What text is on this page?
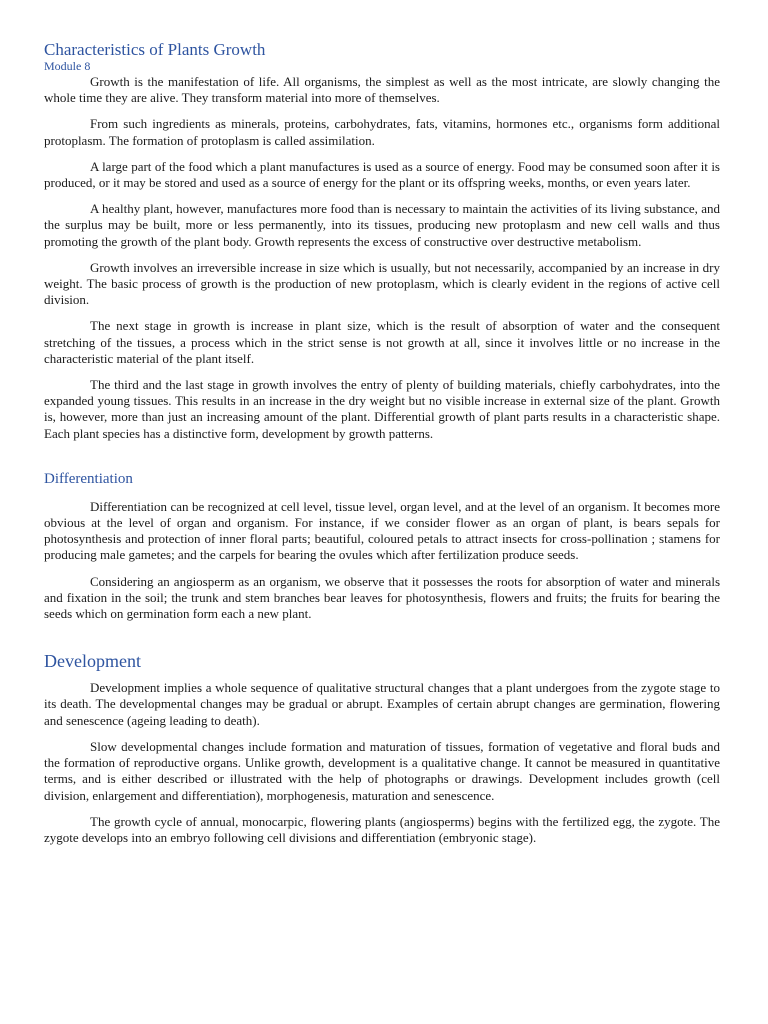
Characteristics of Plants Growth
Module 8

Growth is the manifestation of life. All organisms, the simplest as well as the most intricate, are slowly changing the whole time they are alive. They transform material into more of themselves.

From such ingredients as minerals, proteins, carbohydrates, fats, vitamins, hormones etc., organisms form additional protoplasm. The formation of protoplasm is called assimilation.

A large part of the food which a plant manufactures is used as a source of energy. Food may be consumed soon after it is produced, or it may be stored and used as a source of energy for the plant or its offspring weeks, months, or even years later.

A healthy plant, however, manufactures more food than is necessary to maintain the activities of its living substance, and the surplus may be built, more or less permanently, into its tissues, producing new protoplasm and new cell walls and thus promoting the growth of the plant body. Growth represents the excess of constructive over destructive metabolism.

Growth involves an irreversible increase in size which is usually, but not necessarily, accompanied by an increase in dry weight. The basic process of growth is the production of new protoplasm, which is clearly evident in the regions of active cell division.

The next stage in growth is increase in plant size, which is the result of absorption of water and the consequent stretching of the tissues, a process which in the strict sense is not growth at all, since it involves little or no increase in the characteristic material of the plant itself.

The third and the last stage in growth involves the entry of plenty of building materials, chiefly carbohydrates, into the expanded young tissues. This results in an increase in the dry weight but no visible increase in external size of the plant. Growth is, however, more than just an increasing amount of the plant. Differential growth of plant parts results in a characteristic shape. Each plant species has a distinctive form, development by growth patterns.

Differentiation

Differentiation can be recognized at cell level, tissue level, organ level, and at the level of an organism. It becomes more obvious at the level of organ and organism. For instance, if we consider flower as an organ of plant, is bears sepals for photosynthesis and protection of inner floral parts; beautiful, coloured petals to attract insects for cross-pollination ; stamens for producing male gametes; and the carpels for bearing the ovules which after fertilization produce seeds.

Considering an angiosperm as an organism, we observe that it possesses the roots for absorption of water and minerals and fixation in the soil; the trunk and stem branches bear leaves for photosynthesis, flowers and fruits; the fruits for bearing the seeds which on germination form each a new plant.

Development

Development implies a whole sequence of qualitative structural changes that a plant undergoes from the zygote stage to its death. The developmental changes may be gradual or abrupt. Examples of certain abrupt changes are germination, flowering and senescence (ageing leading to death).

Slow developmental changes include formation and maturation of tissues, formation of vegetative and floral buds and the formation of reproductive organs. Unlike growth, development is a qualitative change. It cannot be measured in quantitative terms, and is either described or illustrated with the help of photographs or drawings. Development includes growth (cell division, enlargement and differentiation), morphogenesis, maturation and senescence.

The growth cycle of annual, monocarpic, flowering plants (angiosperms) begins with the fertilized egg, the zygote. The zygote develops into an embryo following cell divisions and differentiation (embryonic stage).
